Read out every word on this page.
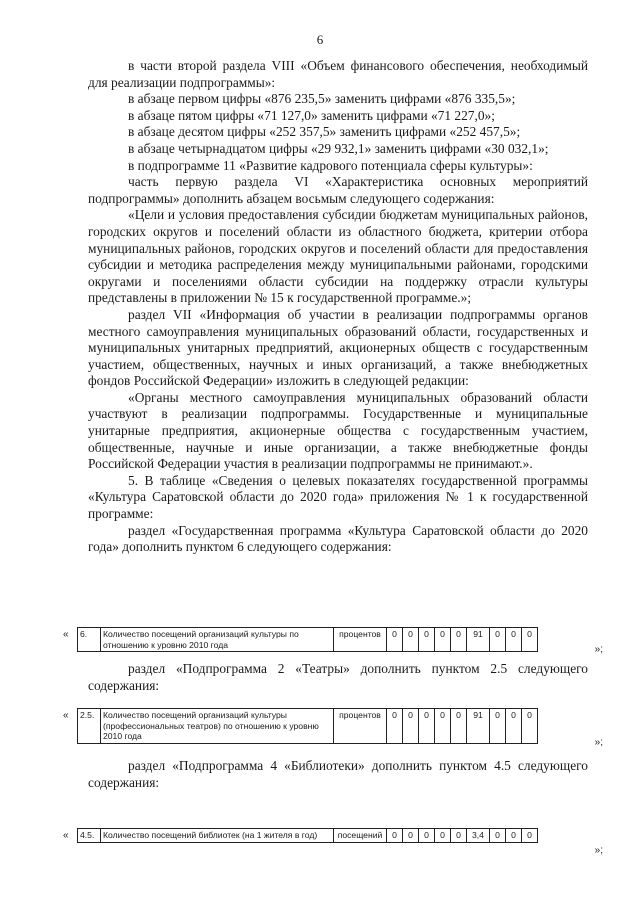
6

в части второй раздела VIII «Объем финансового обеспечения, необходимый для реализации подпрограммы»:

в абзаце первом цифры «876 235,5» заменить цифрами «876 335,5»;

в абзаце пятом цифры «71 127,0» заменить цифрами «71 227,0»;

в абзаце десятом цифры «252 357,5» заменить цифрами «252 457,5»;

в абзаце четырнадцатом цифры «29 932,1» заменить цифрами «30 032,1»;

в подпрограмме 11 «Развитие кадрового потенциала сферы культуры»:

часть первую раздела VI «Характеристика основных мероприятий подпрограммы» дополнить абзацем восьмым следующего содержания:

«Цели и условия предоставления субсидии бюджетам муниципальных районов, городских округов и поселений области из областного бюджета, критерии отбора муниципальных районов, городских округов и поселений области для предоставления субсидии и методика распределения между муниципальными районами, городскими округами и поселениями области субсидии на поддержку отрасли культуры представлены в приложении № 15 к государственной программе.»;

раздел VII «Информация об участии в реализации подпрограммы органов местного самоуправления муниципальных образований области, государственных и муниципальных унитарных предприятий, акционерных обществ с государственным участием, общественных, научных и иных организаций, а также внебюджетных фондов Российской Федерации» изложить в следующей редакции:

«Органы местного самоуправления муниципальных образований области участвуют в реализации подпрограммы. Государственные и муниципальные унитарные предприятия, акционерные общества с государственным участием, общественные, научные и иные организации, а также внебюджетные фонды Российской Федерации участия в реализации подпрограммы не принимают.».

5. В таблице «Сведения о целевых показателях государственной программы «Культура Саратовской области до 2020 года» приложения № 1 к государственной программе:

раздел «Государственная программа «Культура Саратовской области до 2020 года» дополнить пунктом 6 следующего содержания:

« 6.	Количество посещений организаций культуры по отношению к уровню 2010 года	процентов	0	0	0	0	0	91	0	0	0
»;

раздел «Подпрограмма 2 «Театры» дополнить пунктом 2.5 следующего содержания:

« 2.5.	Количество посещений организаций культуры (профессиональных театров) по отношению к уровню 2010 года	процентов	0	0	0	0	0	91	0	0	0
»;

раздел «Подпрограмма 4 «Библиотеки» дополнить пунктом 4.5 следующего содержания:

« 4.5.	Количество посещений библиотек (на 1 жителя в год)	посещений	0	0	0	0	0	3,4	0	0	0
»;
